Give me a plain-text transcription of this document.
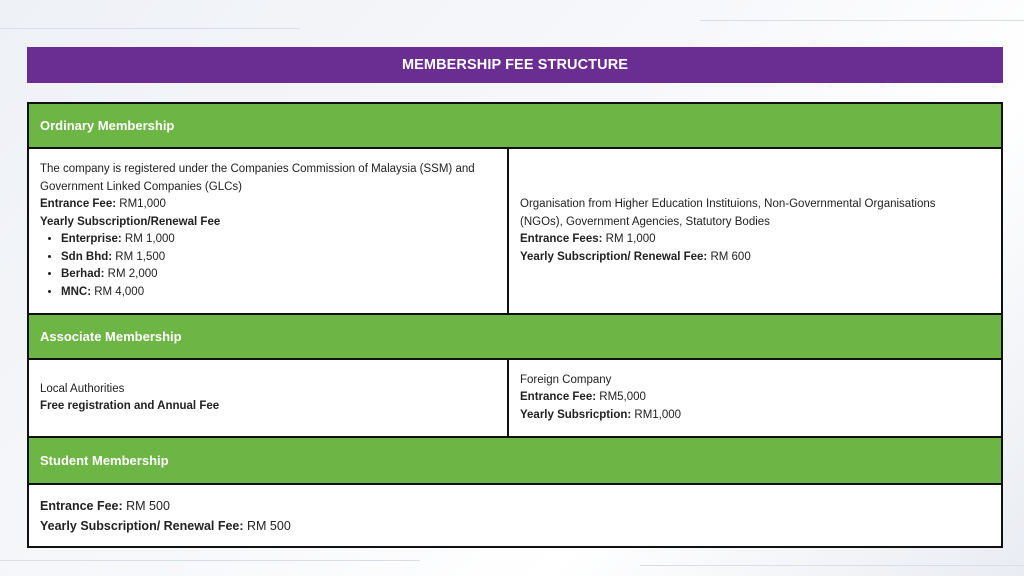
MEMBERSHIP FEE STRUCTURE
Ordinary Membership
The company is registered under the Companies Commission of Malaysia (SSM) and Government Linked Companies (GLCs)
Entrance Fee: RM1,000
Yearly Subscription/Renewal Fee
• Enterprise: RM 1,000
• Sdn Bhd: RM 1,500
• Berhad: RM 2,000
• MNC: RM 4,000
Organisation from Higher Education Instituions, Non-Governmental Organisations (NGOs), Government Agencies, Statutory Bodies
Entrance Fees: RM 1,000
Yearly Subscription/ Renewal Fee: RM 600
Associate Membership
Local Authorities
Free registration and Annual Fee
Foreign Company
Entrance Fee: RM5,000
Yearly Subsricption: RM1,000
Student Membership
Entrance Fee: RM 500
Yearly Subscription/ Renewal Fee: RM 500
